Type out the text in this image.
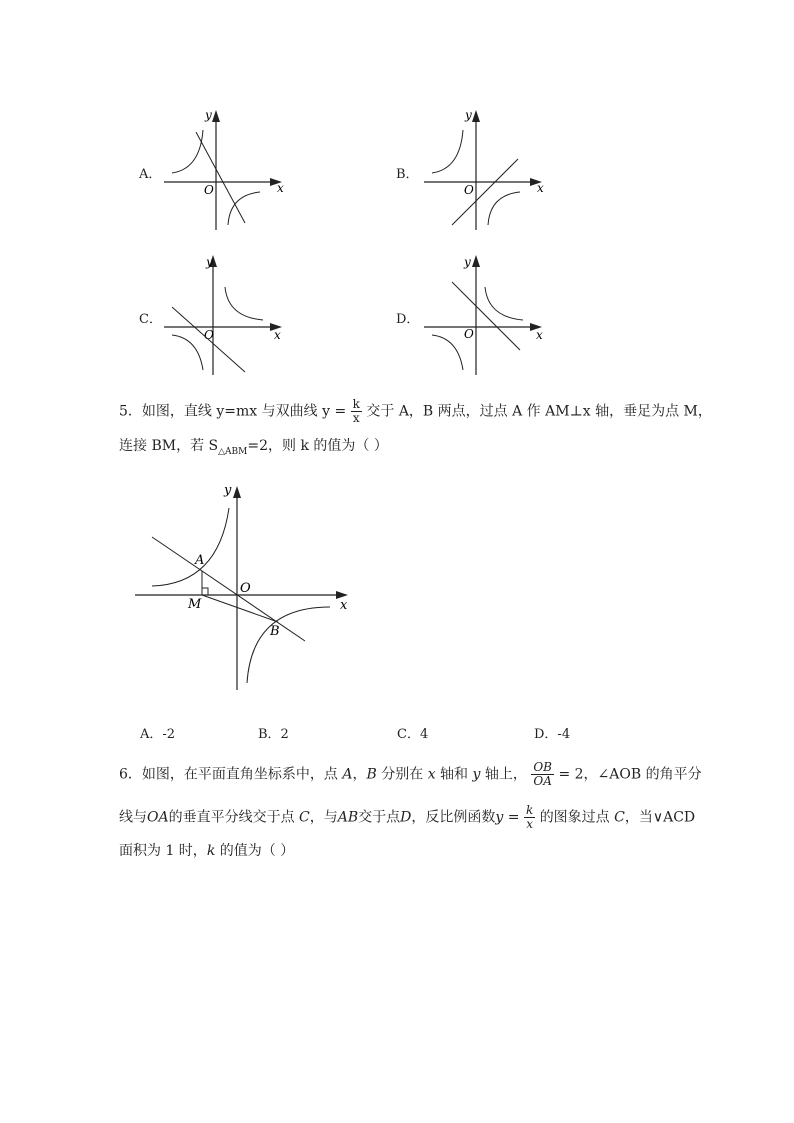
A．
y
x
O
B．
y
x
O
C．
y
x
O
D．
y
x
O
5．如图，直线 y=mx 与双曲线 $y = \frac{k}{x}$ 交于 A，B 两点，过点 A 作 AM⊥x 轴，垂足为点 M，
连接 BM，若 $S_{\triangle ABM}=2$，则 k 的值为（ ）
y
x
O
A
B
M
A．-2	B．2	C．4	D．-4
6．如图，在平面直角坐标系中，点 A，B 分别在 x 轴和 y 轴上， $\frac{OB}{OA} = 2$，∠AOB 的角平分
线与OA的垂直平分线交于点 C，与AB交于点D，反比例函数$y = \frac{k}{x}$ 的图象过点 C，当∨ACD
面积为 1 时，k 的值为（ ）
